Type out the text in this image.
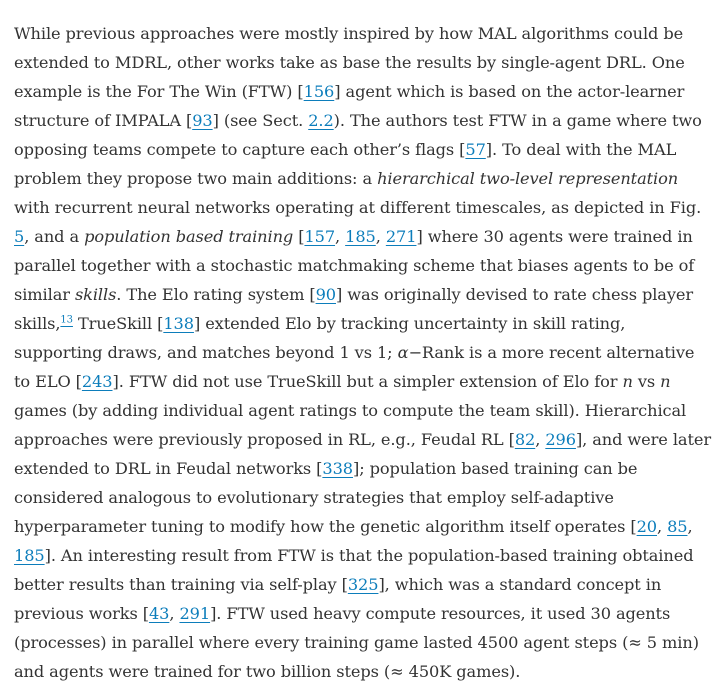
While previous approaches were mostly inspired by how MAL algorithms could be extended to MDRL, other works take as base the results by single-agent DRL. One example is the For The Win (FTW) [156] agent which is based on the actor-learner structure of IMPALA [93] (see Sect. 2.2). The authors test FTW in a game where two opposing teams compete to capture each other’s flags [57]. To deal with the MAL problem they propose two main additions: a hierarchical two-level representation with recurrent neural networks operating at different timescales, as depicted in Fig. 5, and a population based training [157, 185, 271] where 30 agents were trained in parallel together with a stochastic matchmaking scheme that biases agents to be of similar skills. The Elo rating system [90] was originally devised to rate chess player skills,$^{13}$ TrueSkill [138] extended Elo by tracking uncertainty in skill rating, supporting draws, and matches beyond 1 vs 1; α−Rank is a more recent alternative to ELO [243]. FTW did not use TrueSkill but a simpler extension of Elo for n vs n games (by adding individual agent ratings to compute the team skill). Hierarchical approaches were previously proposed in RL, e.g., Feudal RL [82, 296], and were later extended to DRL in Feudal networks [338]; population based training can be considered analogous to evolutionary strategies that employ self-adaptive hyperparameter tuning to modify how the genetic algorithm itself operates [20, 85, 185]. An interesting result from FTW is that the population-based training obtained better results than training via self-play [325], which was a standard concept in previous works [43, 291]. FTW used heavy compute resources, it used 30 agents (processes) in parallel where every training game lasted 4500 agent steps (≈ 5 min) and agents were trained for two billion steps (≈ 450K games).
